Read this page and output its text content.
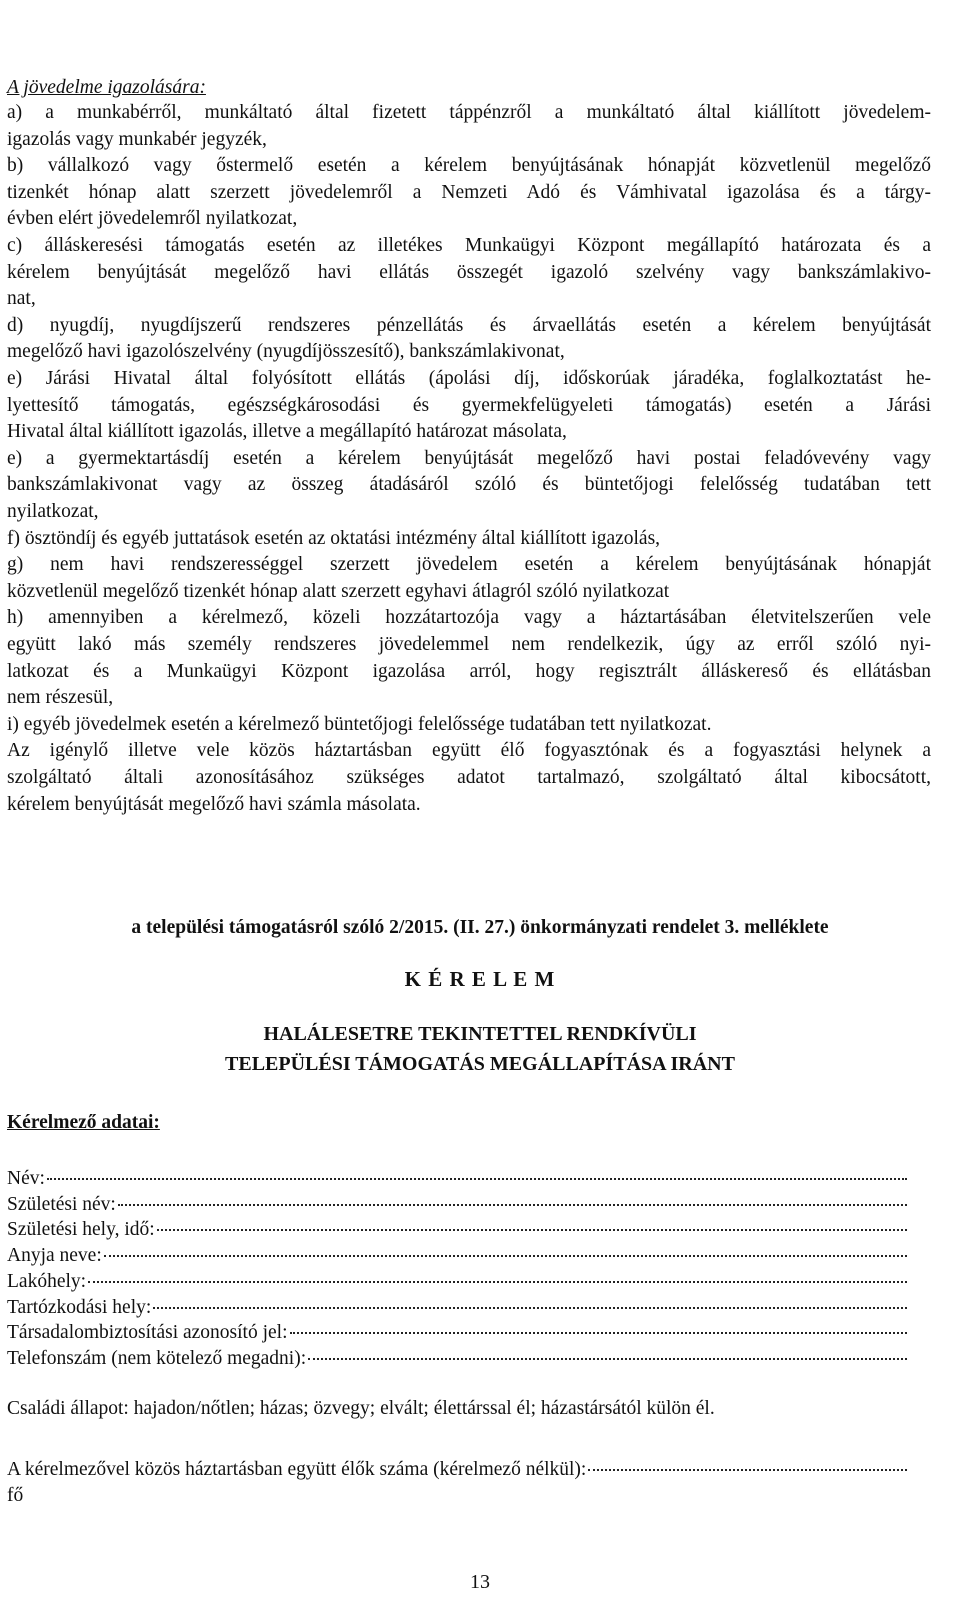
A jövedelme igazolására:
a) a munkabérről, munkáltató által fizetett táppénzről a munkáltató által kiállított jövedelem-
igazolás vagy munkabér jegyzék,
b) vállalkozó vagy őstermelő esetén a kérelem benyújtásának hónapját közvetlenül megelőző
tizenkét hónap alatt szerzett jövedelemről a Nemzeti Adó és Vámhivatal igazolása és a tárgy-
évben elért jövedelemről nyilatkozat,
c) álláskeresési támogatás esetén az illetékes Munkaügyi Központ megállapító határozata és a
kérelem benyújtását megelőző havi ellátás összegét igazoló szelvény vagy bankszámlakivo-
nat,
d) nyugdíj, nyugdíjszerű rendszeres pénzellátás és árvaellátás esetén a kérelem benyújtását
megelőző havi igazolószelvény (nyugdíjösszesítő), bankszámlakivonat,
e) Járási Hivatal által folyósított ellátás (ápolási díj, időskorúak járadéka, foglalkoztatást he-
lyettesítő támogatás, egészségkárosodási és gyermekfelügyeleti támogatás) esetén a Járási
Hivatal által kiállított igazolás, illetve a megállapító határozat másolata,
e) a gyermektartásdíj esetén a kérelem benyújtását megelőző havi postai feladóvevény vagy
bankszámlakivonat vagy az összeg átadásáról szóló és büntetőjogi felelősség tudatában tett
nyilatkozat,
f) ösztöndíj és egyéb juttatások esetén az oktatási intézmény által kiállított igazolás,
g) nem havi rendszerességgel szerzett jövedelem esetén a kérelem benyújtásának hónapját
közvetlenül megelőző tizenkét hónap alatt szerzett egyhavi átlagról szóló nyilatkozat
h) amennyiben a kérelmező, közeli hozzátartozója vagy a háztartásában életvitelszerűen vele
együtt lakó más személy rendszeres jövedelemmel nem rendelkezik, úgy az erről szóló nyi-
latkozat és a Munkaügyi Központ igazolása arról, hogy regisztrált álláskereső és ellátásban
nem részesül,
i) egyéb jövedelmek esetén a kérelmező büntetőjogi felelőssége tudatában tett nyilatkozat.
Az igénylő illetve vele közös háztartásban együtt élő fogyasztónak és a fogyasztási helynek a
szolgáltató általi azonosításához szükséges adatot tartalmazó, szolgáltató által kibocsátott,
kérelem benyújtását megelőző havi számla másolata.
a települési támogatásról szóló 2/2015. (II. 27.) önkormányzati rendelet 3. melléklete
K É R E L E M
HALÁLESETRE TEKINTETTEL RENDKÍVÜLI
TELEPÜLÉSI TÁMOGATÁS MEGÁLLAPÍTÁSA IRÁNT
Kérelmező adatai:
Név:
Születési név:
Születési hely, idő:
Anyja neve:
Lakóhely:
Tartózkodási hely:
Társadalombiztosítási azonosító jel:
Telefonszám (nem kötelező megadni):
Családi állapot: hajadon/nőtlen; házas; özvegy; elvált; élettárssal él; házastársától külön él.
A kérelmezővel közös háztartásban együtt élők száma (kérelmező nélkül):
fő
13
